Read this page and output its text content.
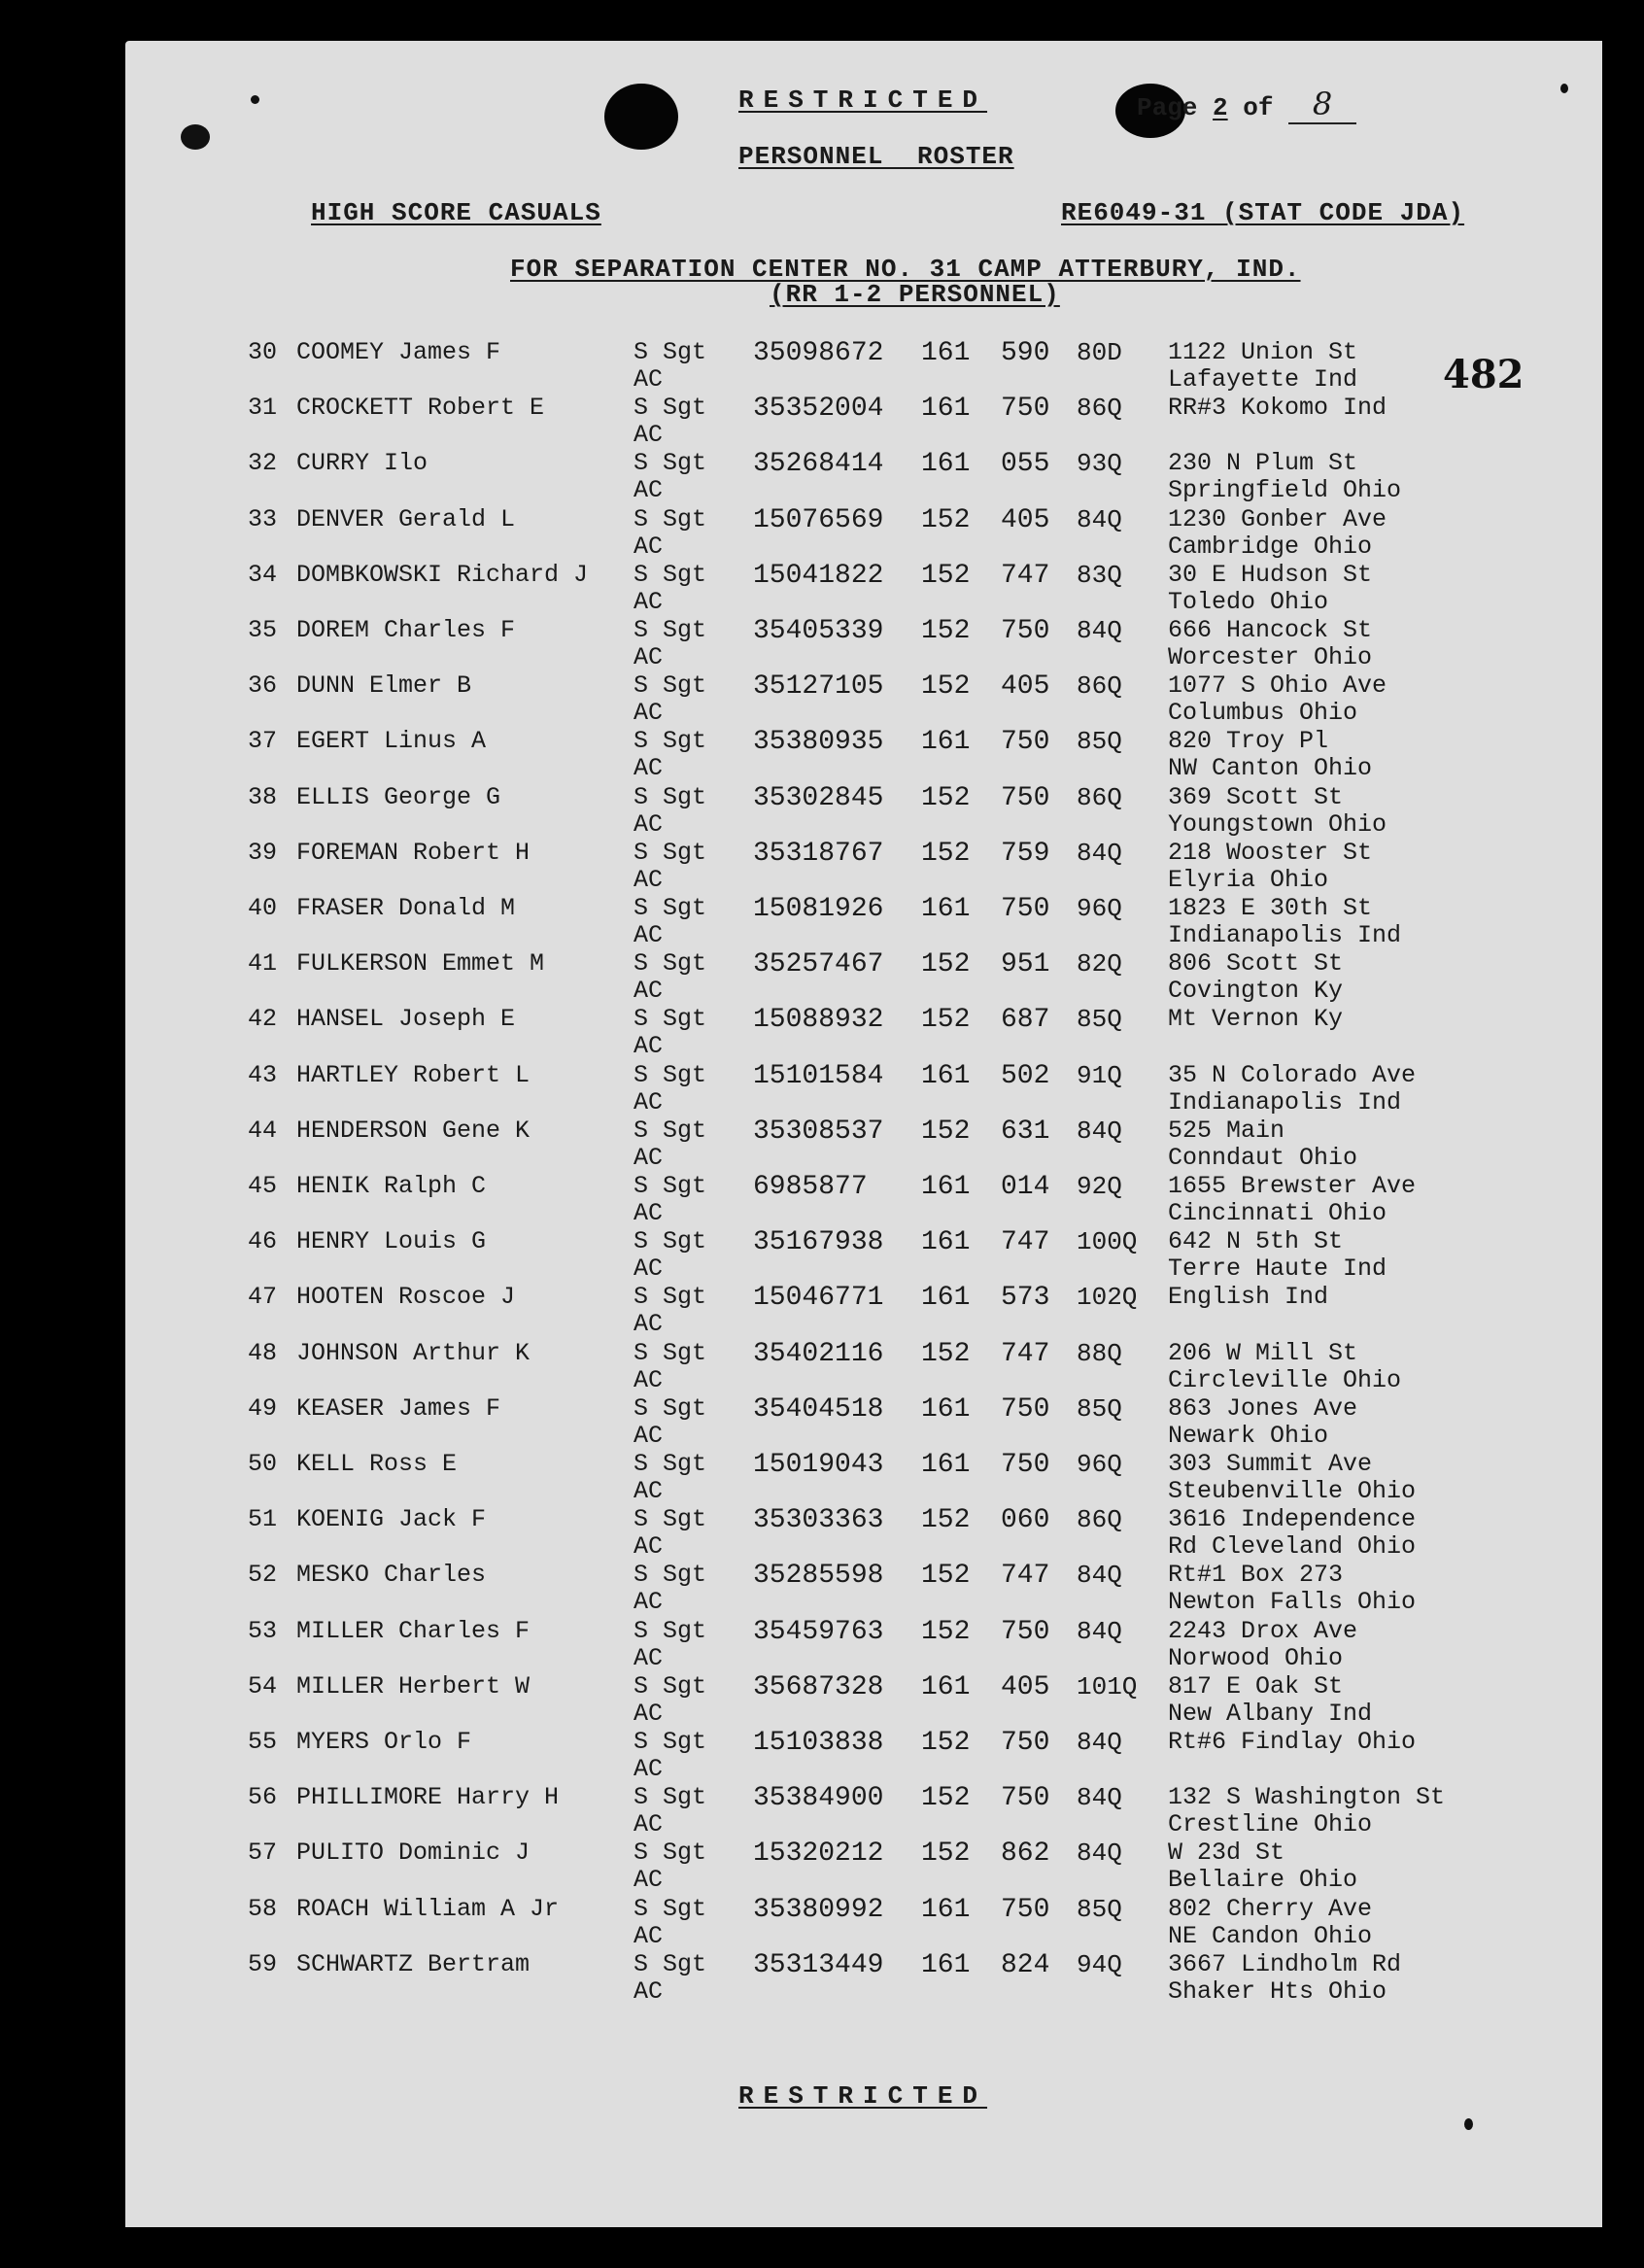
RESTRICTED	Page 2 of 8
PERSONNEL ROSTER
HIGH SCORE CASUALS	RE6049-31 (STAT CODE JDA)
FOR SEPARATION CENTER NO. 31 CAMP ATTERBURY, IND.
(RR 1-2 PERSONNEL)
482
30 COOMEY James F	S Sgt 35098672 161 590 80D 1122 Union St
AC	Lafayette Ind
31 CROCKETT Robert E	S Sgt 35352004 161 750 86Q RR#3 Kokomo Ind
AC
32 CURRY Ilo	S Sgt 35268414 161 055 93Q 230 N Plum St
AC	Springfield Ohio
33 DENVER Gerald L	S Sgt 15076569 152 405 84Q 1230 Gonber Ave
AC	Cambridge Ohio
34 DOMBKOWSKI Richard J S Sgt 15041822 152 747 83Q 30 E Hudson St
AC	Toledo Ohio
35 DOREM Charles F	S Sgt 35405339 152 750 84Q 666 Hancock St
AC	Worcester Ohio
36 DUNN Elmer B	S Sgt 35127105 152 405 86Q 1077 S Ohio Ave
AC	Columbus Ohio
37 EGERT Linus A	S Sgt 35380935 161 750 85Q 820 Troy Pl
AC	NW Canton Ohio
38 ELLIS George G	S Sgt 35302845 152 750 86Q 369 Scott St
AC	Youngstown Ohio
39 FOREMAN Robert H	S Sgt 35318767 152 759 84Q 218 Wooster St
AC	Elyria Ohio
40 FRASER Donald M	S Sgt 15081926 161 750 96Q 1823 E 30th St
AC	Indianapolis Ind
41 FULKERSON Emmet M	S Sgt 35257467 152 951 82Q 806 Scott St
AC	Covington Ky
42 HANSEL Joseph E	S Sgt 15088932 152 687 85Q Mt Vernon Ky
AC
43 HARTLEY Robert L	S Sgt 15101584 161 502 91Q 35 N Colorado Ave
AC	Indianapolis Ind
44 HENDERSON Gene K	S Sgt 35308537 152 631 84Q 525 Main
AC	Conndaut Ohio
45 HENIK Ralph C	S Sgt 6985877 161 014 92Q 1655 Brewster Ave
AC	Cincinnati Ohio
46 HENRY Louis G	S Sgt 35167938 161 747 100Q 642 N 5th St
AC	Terre Haute Ind
47 HOOTEN Roscoe J	S Sgt 15046771 161 573 102Q English Ind
AC
48 JOHNSON Arthur K	S Sgt 35402116 152 747 88Q 206 W Mill St
AC	Circleville Ohio
49 KEASER James F	S Sgt 35404518 161 750 85Q 863 Jones Ave
AC	Newark Ohio
50 KELL Ross E	S Sgt 15019043 161 750 96Q 303 Summit Ave
AC	Steubenville Ohio
51 KOENIG Jack F	S Sgt 35303363 152 060 86Q 3616 Independence
AC	Rd Cleveland Ohio
52 MESKO Charles	S Sgt 35285598 152 747 84Q Rt#1 Box 273
AC	Newton Falls Ohio
53 MILLER Charles F	S Sgt 35459763 152 750 84Q 2243 Drox Ave
AC	Norwood Ohio
54 MILLER Herbert W	S Sgt 35687328 161 405 101Q 817 E Oak St
AC	New Albany Ind
55 MYERS Orlo F	S Sgt 15103838 152 750 84Q Rt#6 Findlay Ohio
AC
56 PHILLIMORE Harry H	S Sgt 35384900 152 750 84Q 132 S Washington St
AC	Crestline Ohio
57 PULITO Dominic J	S Sgt 15320212 152 862 84Q W 23d St
AC	Bellaire Ohio
58 ROACH William A Jr	S Sgt 35380992 161 750 85Q 802 Cherry Ave
AC	NE Candon Ohio
59 SCHWARTZ Bertram	S Sgt 35313449 161 824 94Q 3667 Lindholm Rd
AC	Shaker Hts Ohio
RESTRICTED
